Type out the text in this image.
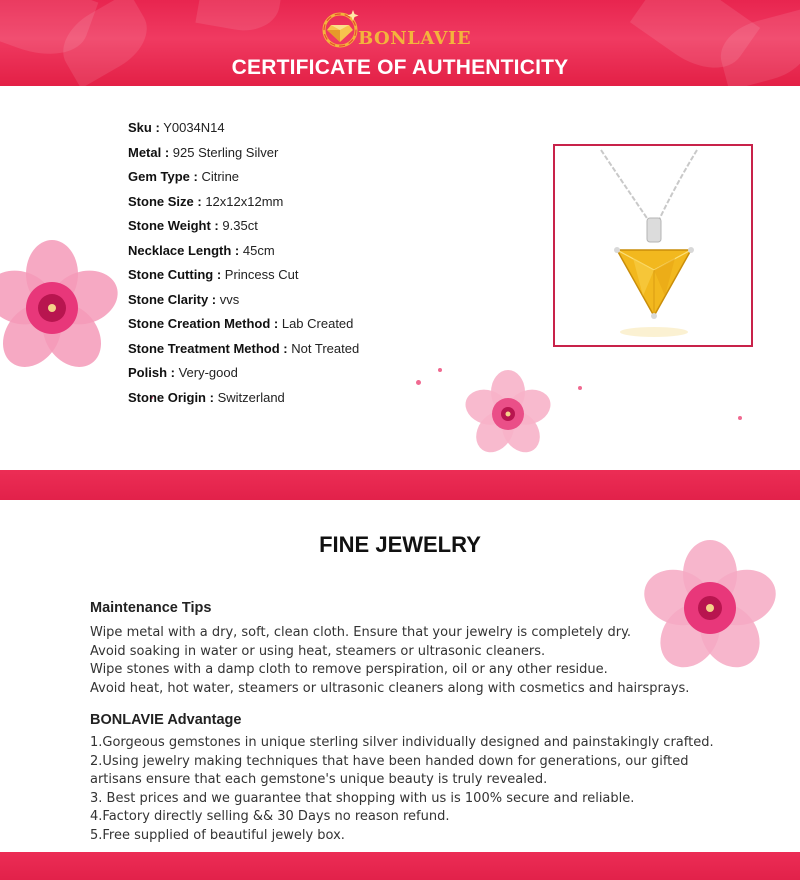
BONLAVIE
CERTIFICATE OF AUTHENTICITY
Sku : Y0034N14
Metal : 925 Sterling Silver
Gem Type : Citrine
Stone Size : 12x12x12mm
Stone Weight : 9.35ct
Necklace Length : 45cm
Stone Cutting : Princess Cut
Stone Clarity : vvs
Stone Creation Method : Lab Created
Stone Treatment Method : Not Treated
Polish : Very-good
Stone Origin : Switzerland
FINE JEWELRY
Maintenance Tips
Wipe metal with a dry, soft, clean cloth. Ensure that your jewelry is completely dry.
Avoid soaking in water or using heat, steamers or ultrasonic cleaners.
Wipe stones with a damp cloth to remove perspiration, oil or any other residue.
Avoid heat, hot water, steamers or ultrasonic cleaners along with cosmetics and hairsprays.
BONLAVIE Advantage
1.Gorgeous gemstones in unique sterling silver individually designed and painstakingly crafted.
2.Using jewelry making techniques that have been handed down for generations, our gifted
artisans ensure that each gemstone's unique beauty is truly revealed.
3. Best prices and we guarantee that shopping with us is 100% secure and reliable.
4.Factory directly selling && 30 Days no reason refund.
5.Free supplied of beautiful jewely box.
